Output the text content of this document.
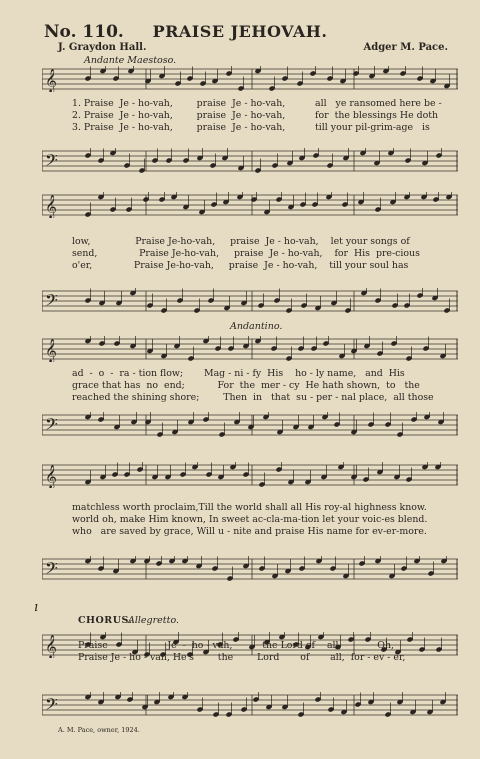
No. 110.	PRAISE JEHOVAH.
J. Graydon Hall.	Adger M. Pace.
Andante Maestoso.
Andantino.
𝄞
1. Praise  Je - ho-vah,        praise  Je - ho-vah,          all   ye ransomed here be -
2. Praise  Je - ho-vah,        praise  Je - ho-vah,          for  the blessings He doth
3. Praise  Je - ho-vah,        praise  Je - ho-vah,          till your pil-grim-age   is
𝄢
𝄞
low,               Praise Je-ho-vah,     praise  Je - ho-vah,    let your songs of
send,              Praise Je-ho-vah,     praise  Je - ho-vah,    for  His  pre-cious
o'er,              Praise Je-ho-vah,     praise  Je - ho-vah,    till your soul has
𝄢
𝄞
ad  -  o  -  ra - tion flow;       Mag - ni - fy  His    ho - ly name,   and  His
grace that has  no  end;           For  the  mer - cy  He hath shown,  to   the
reached the shining shore;        Then  in   that  su - per - nal place,  all those
𝄢
𝄞
matchless worth proclaim,Till the world shall all His roy-al highness know.
world oh, make Him known, In sweet ac-cla-ma-tion let your voic-es blend.
who   are saved by grace, Will u - nite and praise His name for ev-er-more.
𝄢
ı
CHORUS.
Allegretto.
𝄞 Praise                    Je  -  ho - vah,          the Lord of    all,            Oh,
Praise Je - ho - vah, He's        the        Lord       of       all,  for - ev - er,
𝄢
A. M. Pace, owner, 1924.
